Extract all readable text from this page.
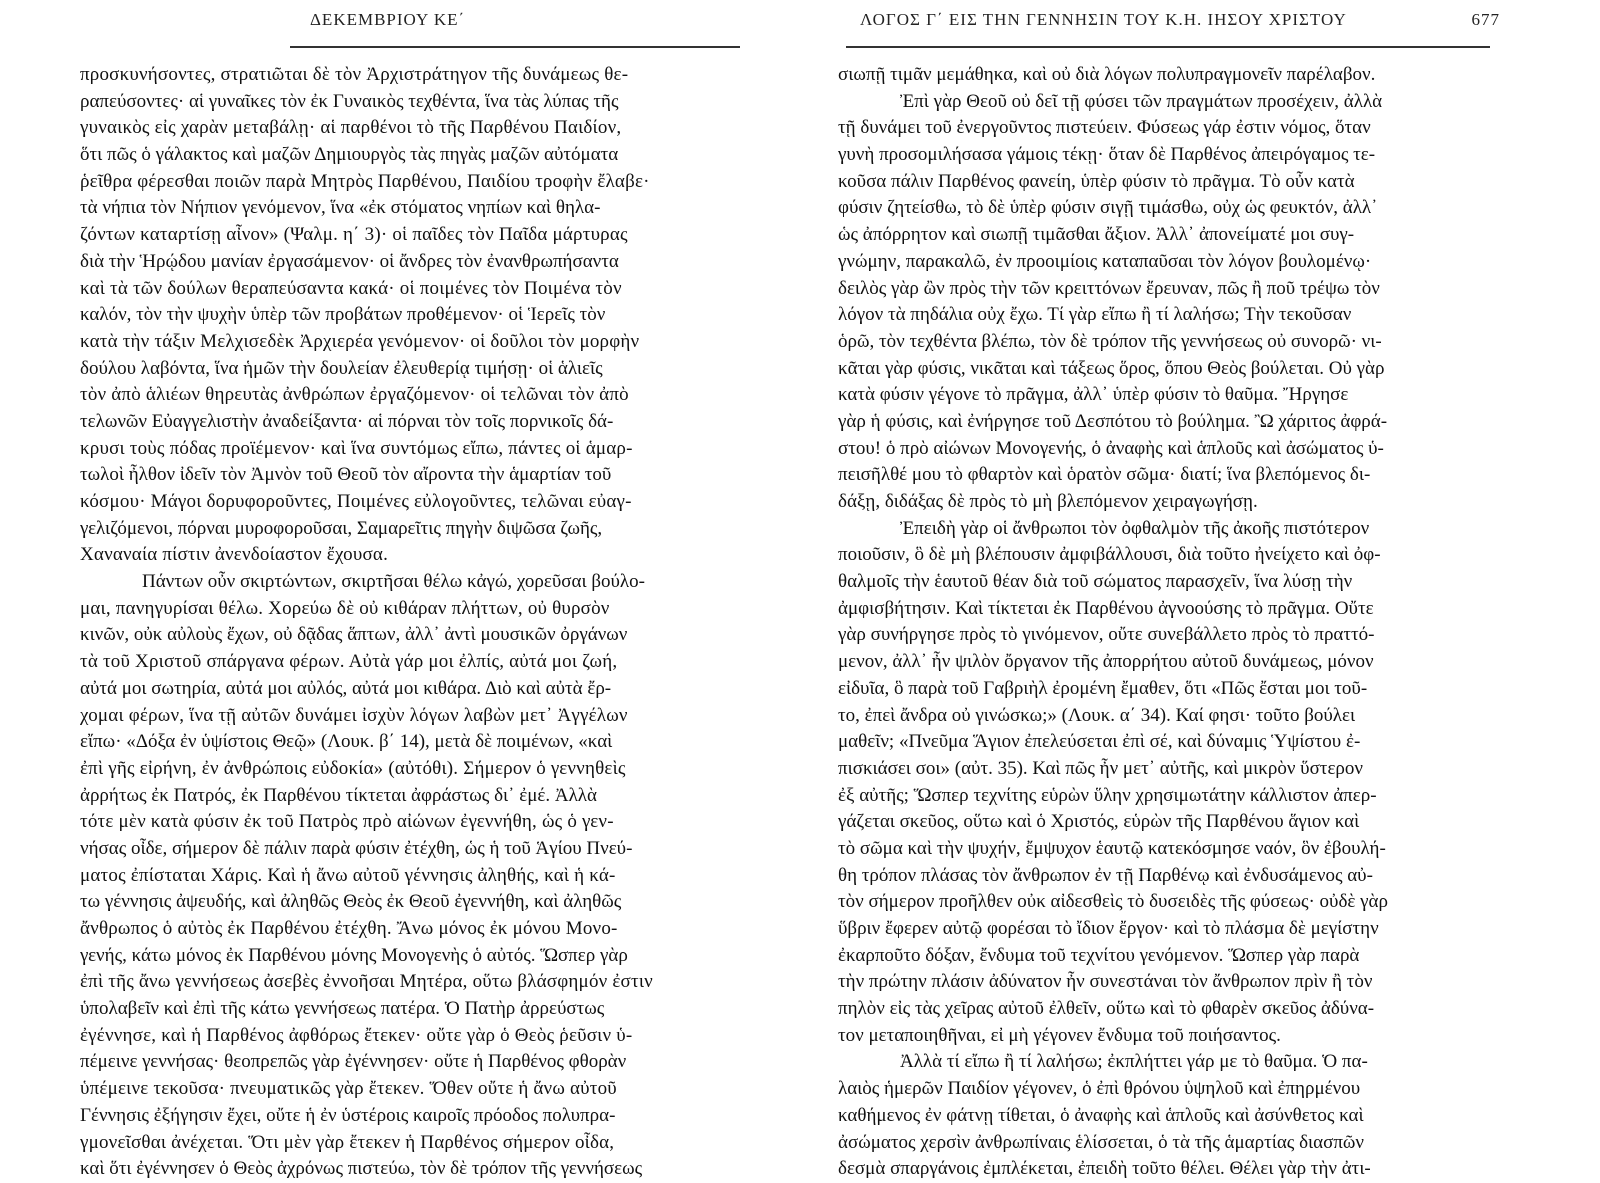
ΔΕΚΕΜΒΡΙΟΥ ΚΕ΄
προσκυνήσοντες, στρατιῶται δὲ τὸν Ἀρχιστράτηγον τῆς δυνάμεως θε-
ραπεύσοντες· αἱ γυναῖκες τὸν ἐκ Γυναικὸς τεχθέντα, ἵνα τὰς λύπας τῆς
γυναικὸς εἰς χαρὰν μεταβάλῃ· αἱ παρθένοι τὸ τῆς Παρθένου Παιδίον,
ὅτι πῶς ὁ γάλακτος καὶ μαζῶν Δημιουργὸς τὰς πηγὰς μαζῶν αὐτόματα
ῥεῖθρα φέρεσθαι ποιῶν παρὰ Μητρὸς Παρθένου, Παιδίου τροφὴν ἔλαβε·
τὰ νήπια τὸν Νήπιον γενόμενον, ἵνα «ἐκ στόματος νηπίων καὶ θηλα-
ζόντων καταρτίσῃ αἶνον» (Ψαλμ. η΄ 3)· οἱ παῖδες τὸν Παῖδα μάρτυρας
διὰ τὴν Ἡρῴδου μανίαν ἐργασάμενον· οἱ ἄνδρες τὸν ἐνανθρωπήσαντα
καὶ τὰ τῶν δούλων θεραπεύσαντα κακά· οἱ ποιμένες τὸν Ποιμένα τὸν
καλόν, τὸν τὴν ψυχὴν ὑπὲρ τῶν προβάτων προθέμενον· οἱ Ἱερεῖς τὸν
κατὰ τὴν τάξιν Μελχισεδὲκ Ἀρχιερέα γενόμενον· οἱ δοῦλοι τὸν μορφὴν
δούλου λαβόντα, ἵνα ἡμῶν τὴν δουλείαν ἐλευθερίᾳ τιμήσῃ· οἱ ἁλιεῖς
τὸν ἀπὸ ἁλιέων θηρευτὰς ἀνθρώπων ἐργαζόμενον· οἱ τελῶναι τὸν ἀπὸ
τελωνῶν Εὐαγγελιστὴν ἀναδείξαντα· αἱ πόρναι τὸν τοῖς πορνικοῖς δά-
κρυσι τοὺς πόδας προϊέμενον· καὶ ἵνα συντόμως εἴπω, πάντες οἱ ἁμαρ-
τωλοὶ ἦλθον ἰδεῖν τὸν Ἀμνὸν τοῦ Θεοῦ τὸν αἴροντα τὴν ἁμαρτίαν τοῦ
κόσμου· Μάγοι δορυφοροῦντες, Ποιμένες εὐλογοῦντες, τελῶναι εὐαγ-
γελιζόμενοι, πόρναι μυροφοροῦσαι, Σαμαρεῖτις πηγὴν διψῶσα ζωῆς,
Χαναναία πίστιν ἀνενδοίαστον ἔχουσα.
Πάντων οὖν σκιρτώντων, σκιρτῆσαι θέλω κἀγώ, χορεῦσαι βούλο-
μαι, πανηγυρίσαι θέλω. Χορεύω δὲ οὐ κιθάραν πλήττων, οὐ θυρσὸν
κινῶν, οὐκ αὐλοὺς ἔχων, οὐ δᾷδας ἅπτων, ἀλλ᾽ ἀντὶ μουσικῶν ὀργάνων
τὰ τοῦ Χριστοῦ σπάργανα φέρων. Αὐτὰ γάρ μοι ἐλπίς, αὐτά μοι ζωή,
αὐτά μοι σωτηρία, αὐτά μοι αὐλός, αὐτά μοι κιθάρα. Διὸ καὶ αὐτὰ ἔρ-
χομαι φέρων, ἵνα τῇ αὐτῶν δυνάμει ἰσχὺν λόγων λαβὼν μετ᾽ Ἀγγέλων
εἴπω· «Δόξα ἐν ὑψίστοις Θεῷ» (Λουκ. β΄ 14), μετὰ δὲ ποιμένων, «καὶ
ἐπὶ γῆς εἰρήνη, ἐν ἀνθρώποις εὐδοκία» (αὐτόθι). Σήμερον ὁ γεννηθεὶς
ἀρρήτως ἐκ Πατρός, ἐκ Παρθένου τίκτεται ἀφράστως δι᾽ ἐμέ. Ἀλλὰ
τότε μὲν κατὰ φύσιν ἐκ τοῦ Πατρὸς πρὸ αἰώνων ἐγεννήθη, ὡς ὁ γεν-
νήσας οἶδε, σήμερον δὲ πάλιν παρὰ φύσιν ἐτέχθη, ὡς ἡ τοῦ Ἁγίου Πνεύ-
ματος ἐπίσταται Χάρις. Καὶ ἡ ἄνω αὐτοῦ γέννησις ἀληθής, καὶ ἡ κά-
τω γέννησις ἀψευδής, καὶ ἀληθῶς Θεὸς ἐκ Θεοῦ ἐγεννήθη, καὶ ἀληθῶς
ἄνθρωπος ὁ αὐτὸς ἐκ Παρθένου ἐτέχθη. Ἄνω μόνος ἐκ μόνου Μονο-
γενής, κάτω μόνος ἐκ Παρθένου μόνης Μονογενὴς ὁ αὐτός. Ὥσπερ γὰρ
ἐπὶ τῆς ἄνω γεννήσεως ἀσεβὲς ἐννοῆσαι Μητέρα, οὕτω βλάσφημόν ἐστιν
ὑπολαβεῖν καὶ ἐπὶ τῆς κάτω γεννήσεως πατέρα. Ὁ Πατὴρ ἀρρεύστως
ἐγέννησε, καὶ ἡ Παρθένος ἀφθόρως ἔτεκεν· οὔτε γὰρ ὁ Θεὸς ῥεῦσιν ὑ-
πέμεινε γεννήσας· θεοπρεπῶς γὰρ ἐγέννησεν· οὔτε ἡ Παρθένος φθορὰν
ὑπέμεινε τεκοῦσα· πνευματικῶς γὰρ ἔτεκεν. Ὅθεν οὔτε ἡ ἄνω αὐτοῦ
Γέννησις ἐξήγησιν ἔχει, οὔτε ἡ ἐν ὑστέροις καιροῖς πρόοδος πολυπρα-
γμονεῖσθαι ἀνέχεται. Ὅτι μὲν γὰρ ἔτεκεν ἡ Παρθένος σήμερον οἶδα,
καὶ ὅτι ἐγέννησεν ὁ Θεὸς ἀχρόνως πιστεύω, τὸν δὲ τρόπον τῆς γεννήσεως
ΛΟΓΟΣ Γ΄ ΕΙΣ ΤΗΝ ΓΕΝΝΗΣΙΝ ΤΟΥ Κ.Η. ΙΗΣΟΥ ΧΡΙΣΤΟΥ	677
σιωπῇ τιμᾶν μεμάθηκα, καὶ οὐ διὰ λόγων πολυπραγμονεῖν παρέλαβον.
Ἐπὶ γὰρ Θεοῦ οὐ δεῖ τῇ φύσει τῶν πραγμάτων προσέχειν, ἀλλὰ
τῇ δυνάμει τοῦ ἐνεργοῦντος πιστεύειν. Φύσεως γάρ ἐστιν νόμος, ὅταν
γυνὴ προσομιλήσασα γάμοις τέκῃ· ὅταν δὲ Παρθένος ἀπειρόγαμος τε-
κοῦσα πάλιν Παρθένος φανείη, ὑπὲρ φύσιν τὸ πρᾶγμα. Τὸ οὖν κατὰ
φύσιν ζητείσθω, τὸ δὲ ὑπὲρ φύσιν σιγῇ τιμάσθω, οὐχ ὡς φευκτόν, ἀλλ᾽
ὡς ἀπόρρητον καὶ σιωπῇ τιμᾶσθαι ἄξιον. Ἀλλ᾽ ἀπονείματέ μοι συγ-
γνώμην, παρακαλῶ, ἐν προοιμίοις καταπαῦσαι τὸν λόγον βουλομένῳ·
δειλὸς γὰρ ὢν πρὸς τὴν τῶν κρειττόνων ἔρευναν, πῶς ἢ ποῦ τρέψω τὸν
λόγον τὰ πηδάλια οὐχ ἔχω. Τί γὰρ εἴπω ἢ τί λαλήσω; Τὴν τεκοῦσαν
ὁρῶ, τὸν τεχθέντα βλέπω, τὸν δὲ τρόπον τῆς γεννήσεως οὐ συνορῶ· νι-
κᾶται γὰρ φύσις, νικᾶται καὶ τάξεως ὅρος, ὅπου Θεὸς βούλεται. Οὐ γὰρ
κατὰ φύσιν γέγονε τὸ πρᾶγμα, ἀλλ᾽ ὑπὲρ φύσιν τὸ θαῦμα. Ἤργησε
γὰρ ἡ φύσις, καὶ ἐνήργησε τοῦ Δεσπότου τὸ βούλημα. Ὢ χάριτος ἀφρά-
στου! ὁ πρὸ αἰώνων Μονογενής, ὁ ἀναφὴς καὶ ἁπλοῦς καὶ ἀσώματος ὑ-
πεισῆλθέ μου τὸ φθαρτὸν καὶ ὁρατὸν σῶμα· διατί; ἵνα βλεπόμενος δι-
δάξῃ, διδάξας δὲ πρὸς τὸ μὴ βλεπόμενον χειραγωγήσῃ.
Ἐπειδὴ γὰρ οἱ ἄνθρωποι τὸν ὀφθαλμὸν τῆς ἀκοῆς πιστότερον
ποιοῦσιν, ὃ δὲ μὴ βλέπουσιν ἀμφιβάλλουσι, διὰ τοῦτο ἠνείχετο καὶ ὀφ-
θαλμοῖς τὴν ἑαυτοῦ θέαν διὰ τοῦ σώματος παρασχεῖν, ἵνα λύσῃ τὴν
ἀμφισβήτησιν. Καὶ τίκτεται ἐκ Παρθένου ἀγνοούσης τὸ πρᾶγμα. Οὔτε
γὰρ συνήργησε πρὸς τὸ γινόμενον, οὔτε συνεβάλλετο πρὸς τὸ πραττό-
μενον, ἀλλ᾽ ἦν ψιλὸν ὄργανον τῆς ἀπορρήτου αὐτοῦ δυνάμεως, μόνον
εἰδυῖα, ὃ παρὰ τοῦ Γαβριὴλ ἐρομένη ἔμαθεν, ὅτι «Πῶς ἔσται μοι τοῦ-
το, ἐπεὶ ἄνδρα οὐ γινώσκω;» (Λουκ. α΄ 34). Καί φησι· τοῦτο βούλει
μαθεῖν; «Πνεῦμα Ἅγιον ἐπελεύσεται ἐπὶ σέ, καὶ δύναμις Ὑψίστου ἐ-
πισκιάσει σοι» (αὐτ. 35). Καὶ πῶς ἦν μετ᾽ αὐτῆς, καὶ μικρὸν ὕστερον
ἐξ αὐτῆς; Ὥσπερ τεχνίτης εὑρὼν ὕλην χρησιμωτάτην κάλλιστον ἀπερ-
γάζεται σκεῦος, οὕτω καὶ ὁ Χριστός, εὑρὼν τῆς Παρθένου ἅγιον καὶ
τὸ σῶμα καὶ τὴν ψυχήν, ἔμψυχον ἑαυτῷ κατεκόσμησε ναόν, ὃν ἐβουλή-
θη τρόπον πλάσας τὸν ἄνθρωπον ἐν τῇ Παρθένῳ καὶ ἐνδυσάμενος αὐ-
τὸν σήμερον προῆλθεν οὐκ αἰδεσθεὶς τὸ δυσειδὲς τῆς φύσεως· οὐδὲ γὰρ
ὕβριν ἔφερεν αὐτῷ φορέσαι τὸ ἴδιον ἔργον· καὶ τὸ πλάσμα δὲ μεγίστην
ἐκαρποῦτο δόξαν, ἔνδυμα τοῦ τεχνίτου γενόμενον. Ὥσπερ γὰρ παρὰ
τὴν πρώτην πλάσιν ἀδύνατον ἦν συνεστάναι τὸν ἄνθρωπον πρὶν ἢ τὸν
πηλὸν εἰς τὰς χεῖρας αὐτοῦ ἐλθεῖν, οὕτω καὶ τὸ φθαρὲν σκεῦος ἀδύνα-
τον μεταποιηθῆναι, εἰ μὴ γέγονεν ἔνδυμα τοῦ ποιήσαντος.
Ἀλλὰ τί εἴπω ἢ τί λαλήσω; ἐκπλήττει γάρ με τὸ θαῦμα. Ὁ πα-
λαιὸς ἡμερῶν Παιδίον γέγονεν, ὁ ἐπὶ θρόνου ὑψηλοῦ καὶ ἐπηρμένου
καθήμενος ἐν φάτνῃ τίθεται, ὁ ἀναφὴς καὶ ἁπλοῦς καὶ ἀσύνθετος καὶ
ἀσώματος χερσὶν ἀνθρωπίναις ἑλίσσεται, ὁ τὰ τῆς ἁμαρτίας διασπῶν
δεσμὰ σπαργάνοις ἐμπλέκεται, ἐπειδὴ τοῦτο θέλει. Θέλει γὰρ τὴν ἀτι-
